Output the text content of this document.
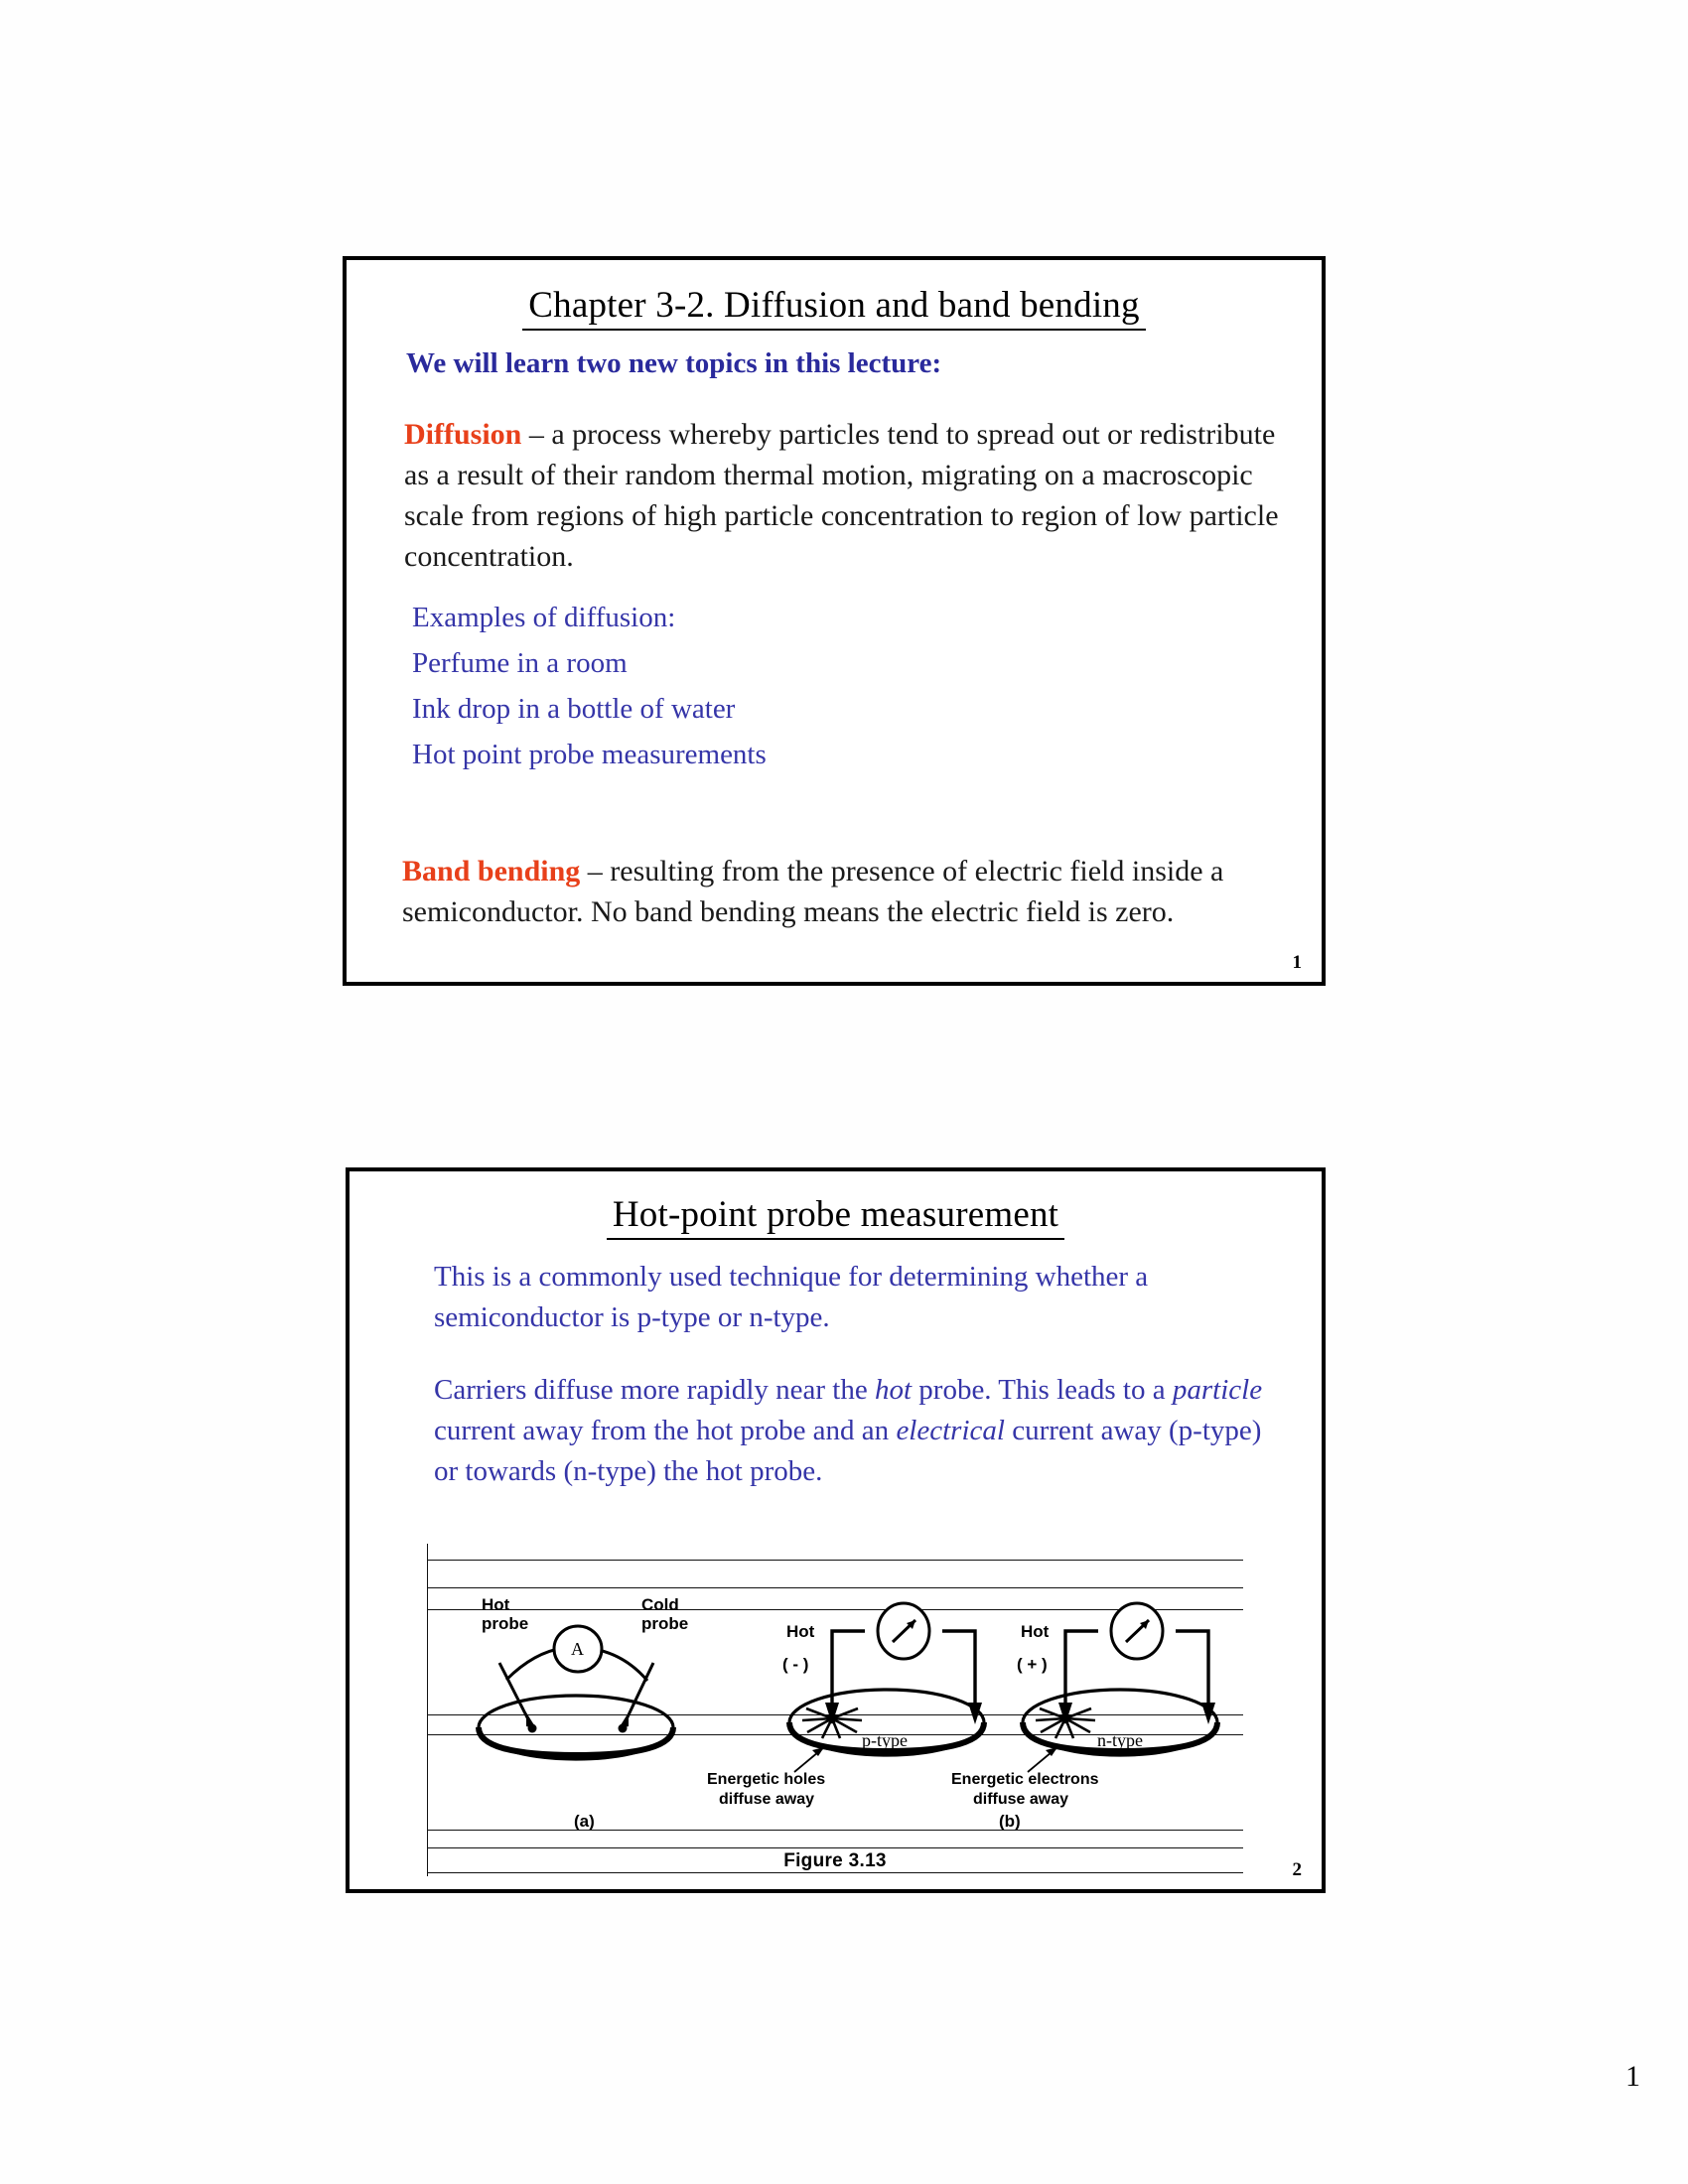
Chapter 3-2. Diffusion and band bending
We will learn two new topics in this lecture:
Diffusion – a process whereby particles tend to spread out or redistribute as a result of their random thermal motion, migrating on a macroscopic scale from regions of high particle concentration to region of low particle concentration.
Examples of diffusion:
Perfume in a room
Ink drop in a bottle of water
Hot point probe measurements
Band bending – resulting from the presence of electric field inside a semiconductor. No band bending means the electric field is zero.
1
Hot-point probe measurement
This is a commonly used technique for determining whether a semiconductor is p-type or n-type.
Carriers diffuse more rapidly near the hot probe. This leads to a particle current away from the hot probe and an electrical current away (p-type) or towards (n-type) the hot probe.
Hot
probe
Cold
probe
A
Hot
( - )
Hot
( + )
p-type	n-type
Energetic holes
diffuse away
Energetic electrons
diffuse away
(a)	(b)
Figure 3.13	2
1
